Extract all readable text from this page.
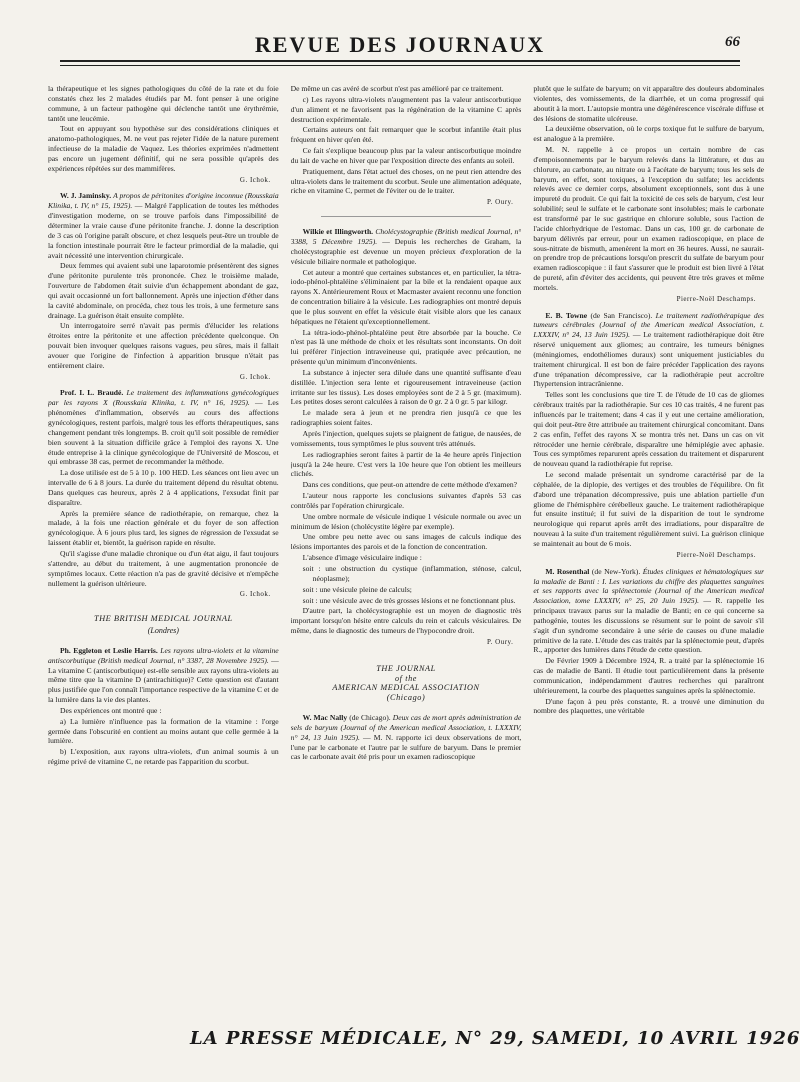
REVUE DES JOURNAUX	66

la thérapeutique et les signes pathologiques du côté de la rate et du foie constatés chez les 2 malades étudiés par M. font penser à une origine commune, à un facteur pathogène qui déclenche tantôt une érythrémie, tantôt une leucémie.

Tout en appuyant sou hypothèse sur des considérations cliniques et anatomo-pathologiques, M. ne veut pas rejeter l'idée de la nature purement infectieuse de la maladie de Vaquez. Les théories exprimées n'admettent pas encore un jugement définitif, qui ne sera possible qu'après des expériences répétées sur des mammifères.

G. Ichok.

W. J. Jaminsky. A propos de péritonites d'origine inconnue (Rousskaia Klinika, t. IV, n° 15, 1925). — Malgré l'application de toutes les méthodes d'investigation moderne, on se trouve parfois dans l'impossibilité de déterminer la vraie cause d'une péritonite franche. J. donne la description de 3 cas où l'origine paraît obscure, et chez lesquels peut-être un trouble de la fonction intestinale pourrait être le facteur primordial de la maladie, qui avait nécessité une intervention chirurgicale.

Deux femmes qui avaient subi une laparotomie présentèrent des signes d'une péritonite purulente très prononcée. Chez le troisième malade, l'ouverture de l'abdomen était suivie d'un échappement abondant de gaz, qui avait occasionné un fort ballonnement. Après une injection d'éther dans la cavité abdominale, on procéda, chez tous les trois, à une fermeture sans drainage. La guérison était ensuite complète.

Un interrogatoire serré n'avait pas permis d'élucider les relations étroites entre la péritonite et une affection précédente quelconque. On pouvait bien invoquer quelques raisons vagues, peu sûres, mais il fallait avouer que l'origine de l'infection à apparition brusque n'était pas entièrement claire.

G. Ichok.

Prof. I. L. Braudé. Le traitement des inflammations gynécologiques par les rayons X (Rousskaia Klinika, t. IV, n° 16, 1925). — Les phénomènes d'inflammation, observés au cours des affections gynécologiques, restent parfois, malgré tous les efforts thérapeutiques, sans changement pendant très longtemps. B. croit qu'il soit possible de remédier bien souvent à la situation difficile grâce à l'emploi des rayons X. Une étude entreprise à la clinique gynécologique de l'Université de Moscou, et qui embrasse 38 cas, permet de recommander la méthode.

La dose utilisée est de 5 à 10 p. 100 HED. Les séances ont lieu avec un intervalle de 6 à 8 jours. La durée du traitement dépend du résultat obtenu. Dans quelques cas heureux, après 2 à 4 applications, l'exsudat finit par disparaître.

Après la première séance de radiothérapie, on remarque, chez la malade, à la fois une réaction générale et du foyer de son affection gynécologique. À 6 jours plus tard, les signes de régression de l'exsudat se laissent établir et, bientôt, la guérison rapide en résulte.

Qu'il s'agisse d'une maladie chronique ou d'un état aigu, il faut toujours s'attendre, au début du traitement, à une augmentation prononcée de symptômes locaux. Cette réaction n'a pas de gravité décisive et n'empêche nullement la guérison ultérieure.

G. Ichok.
THE BRITISH MEDICAL JOURNAL
(Londres)

Ph. Eggleton et Leslie Harris. Les rayons ultra-violets et la vitamine antiscorbutique (British medical Journal, n° 3387, 28 Novembre 1925). — La vitamine C (antiscorbutique) est-elle sensible aux rayons ultra-violets au même titre que la vitamine D (antirachitique)? Cette question est d'autant plus justifiée que l'on connaît l'importance respective de la vitamine C et de la lumière dans la vie des plantes.

Des expériences ont montré que :

a) La lumière n'influence pas la formation de la vitamine : l'orge germée dans l'obscurité en contient au moins autant que celle germée à la lumière.

b) L'exposition, aux rayons ultra-violets, d'un animal soumis à un régime privé de vitamine C, ne retarde pas l'apparition du scorbut.

De même un cas avéré de scorbut n'est pas amélioré par ce traitement.

c) Les rayons ultra-violets n'augmentent pas la valeur antiscorbutique d'un aliment et ne favorisent pas la régénération de la vitamine C après destruction expérimentale.

Certains auteurs ont fait remarquer que le scorbut infantile était plus fréquent en hiver qu'en été.

Ce fait s'explique beaucoup plus par la valeur antiscorbutique moindre du lait de vache en hiver que par l'exposition directe des enfants au soleil.

Pratiquement, dans l'état actuel des choses, on ne peut rien attendre des ultra-violets dans le traitement du scorbut. Seule une alimentation adéquate, riche en vitamine C, permet de l'éviter ou de le traiter.

P. Oury.

Wilkie et Illingworth. Cholécystographie (British medical Journal, n° 3388, 5 Décembre 1925). — Depuis les recherches de Graham, la cholécystographie est devenue un moyen précieux d'exploration de la vésicule biliaire normale et pathologique.

Cet auteur a montré que certaines substances et, en particulier, la tétra-iodo-phénol-phtaléine s'éliminaient par la bile et la rendaient opaque aux rayons X. Antérieurement Roux et Macmaster avaient reconnu une fonction de concentration biliaire à la vésicule. Les radiographies ont montré depuis que le plus souvent en effet la vésicule était visible alors que les canaux hépatiques ne l'étaient qu'exceptionnellement.

La tétra-iodo-phénol-phtaléine peut être absorbée par la bouche. Ce n'est pas là une méthode de choix et les résultats sont inconstants. On doit lui préférer l'injection intraveineuse qui, pratiquée avec précaution, ne présente qu'un minimum d'inconvénients.

La substance à injecter sera diluée dans une quantité suffisante d'eau distillée. L'injection sera lente et rigoureusement intraveineuse (action irritante sur les tissus). Les doses employées sont de 2 à 5 gr. (maximum). Les petites doses seront calculées à raison de 0 gr. 2 à 0 gr. 5 par kilogr.

Le malade sera à jeun et ne prendra rien jusqu'à ce que les radiographies soient faites.

Après l'injection, quelques sujets se plaignent de fatigue, de nausées, de vomissements, tous symptômes le plus souvent très atténués.

Les radiographies seront faites à partir de la 4e heure après l'injection jusqu'à la 24e heure. C'est vers la 10e heure que l'on obtient les meilleurs clichés.

Dans ces conditions, que peut-on attendre de cette méthode d'examen?

L'auteur nous rapporte les conclusions suivantes d'après 53 cas contrôlés par l'opération chirurgicale.

Une ombre normale de vésicule indique 1 vésicule normale ou avec un minimum de lésion (cholécystite légère par exemple).

Une ombre peu nette avec ou sans images de calculs indique des lésions importantes des parois et de la fonction de concentration.

L'absence d'image vésiculaire indique :

soit : une obstruction du cystique (inflammation, sténose, calcul, néoplasme);

soit : une vésicule pleine de calculs;

soit : une vésicule avec de très grosses lésions et ne fonctionnant plus.

D'autre part, la cholécystographie est un moyen de diagnostic très important lorsqu'on hésite entre calculs du rein et calculs vésiculaires. De même, dans le diagnostic des tumeurs de l'hypocondre droit.

P. Oury.
THE JOURNAL
of the
AMERICAN MEDICAL ASSOCIATION
(Chicago)

W. Mac Nally (de Chicago). Deux cas de mort après administration de sels de baryum (Journal of the American medical Association, t. LXXXIV, n° 24, 13 Juin 1925). — M. N. rapporte ici deux observations de mort, l'une par le carbonate et l'autre par le sulfure de baryum. Dans le premier cas le carbonate avait été pris pour un examen radioscopique

plutôt que le sulfate de baryum; on vit apparaître des douleurs abdominales violentes, des vomissements, de la diarrhée, et un coma progressif qui aboutit à la mort. L'autopsie montra une dégénérescence viscérale diffuse et des lésions de stomatite ulcéreuse.

La deuxième observation, où le corps toxique fut le sulfure de baryum, est analogue à la première.

M. N. rappelle à ce propos un certain nombre de cas d'empoisonnements par le baryum relevés dans la littérature, et dus au chlorure, au carbonate, au nitrate ou à l'acétate de baryum; tous les sels de baryum, en effet, sont toxiques, à l'exception du sulfate; les accidents relevés avec ce dernier corps, absolument exceptionnels, sont dus à une impureté du produit. Ce qui fait la toxicité de ces sels de baryum, c'est leur solubilité; seul le sulfate et le carbonate sont insolubles; mais le carbonate est transformé par le suc gastrique en chlorure soluble, sous l'action de l'acide chlorhydrique de l'estomac. Dans un cas, 100 gr. de carbonate de baryum délivrés par erreur, pour un examen radioscopique, en place de sous-nitrate de bismuth, amenèrent la mort en 36 heures. Aussi, ne saurait-on prendre trop de précautions lorsqu'on prescrit du sulfate de baryum pour examen radioscopique : il faut s'assurer que le produit est bien livré à l'état de pureté, afin d'éviter des accidents, qui peuvent être très graves et même mortels.

Pierre-Noël Deschamps.

E. B. Towne (de San Francisco). Le traitement radiothérapique des tumeurs cérébrales (Journal of the American medical Association, t. LXXXIV, n° 24, 13 Juin 1925). — Le traitement radiothérapique doit être réservé uniquement aux gliomes; au contraire, les tumeurs bénignes (méningiomes, endothéliomes duraux) sont uniquement justiciables du traitement chirurgical. Il est bon de faire précéder l'application des rayons d'une trépanation décompressive, car la radiothérapie peut accroître l'hypertension intracrânienne.

Telles sont les conclusions que tire T. de l'étude de 10 cas de gliomes cérébraux traités par la radiothérapie. Sur ces 10 cas traités, 4 ne furent pas influencés par le traitement; dans 4 cas il y eut une certaine amélioration, qui doit peut-être être attribuée au traitement chirurgical concomitant. Dans 2 cas enfin, l'effet des rayons X se montra très net. Dans un cas on vit rétrocéder une hernie cérébrale, disparaître une hémiplégie avec aphasie. Tous ces symptômes reparurent après cessation du traitement et disparurent de nouveau quand la radiothérapie fut reprise.

Le second malade présentait un syndrome caractérisé par de la céphalée, de la diplopie, des vertiges et des troubles de l'équilibre. On fit d'abord une trépanation décompressive, puis une ablation partielle d'un gliome de l'hémisphère cérébelleux gauche. Le traitement radiothérapique fut ensuite institué; il fut suivi de la disparition de tout le syndrome neurologique qui reparut après arrêt des irradiations, pour disparaître de nouveau à la suite d'un traitement régulièrement suivi. La guérison clinique se maintenait au bout de 6 mois.

Pierre-Noël Deschamps.

M. Rosenthal (de New-York). Études cliniques et hématologiques sur la maladie de Banti : I. Les variations du chiffre des plaquettes sanguines et ses rapports avec la splénectomie (Journal of the American medical Association, tome LXXXIV, n° 25, 20 Juin 1925). — R. rappelle les principaux travaux parus sur la maladie de Banti; en ce qui concerne sa pathogénie, toutes les discussions se résument sur le point de savoir s'il s'agit d'un syndrome secondaire à une série de causes ou d'une maladie primitive de la rate. L'étude des cas traités par la splénectomie peut, d'après R., apporter des lumières dans l'étude de cette question.

De Février 1909 à Décembre 1924, R. a traité par la splénectomie 16 cas de maladie de Banti. Il étudie tout particulièrement dans la présente communication, indépendamment d'autres recherches qui paraîtront ultérieurement, la courbe des plaquettes sanguines après la splénectomie.

D'une façon à peu près constante, R. a trouvé une diminution du nombre des plaquettes, une véritable

LA PRESSE MÉDICALE, N° 29, SAMEDI, 10 AVRIL 1926
